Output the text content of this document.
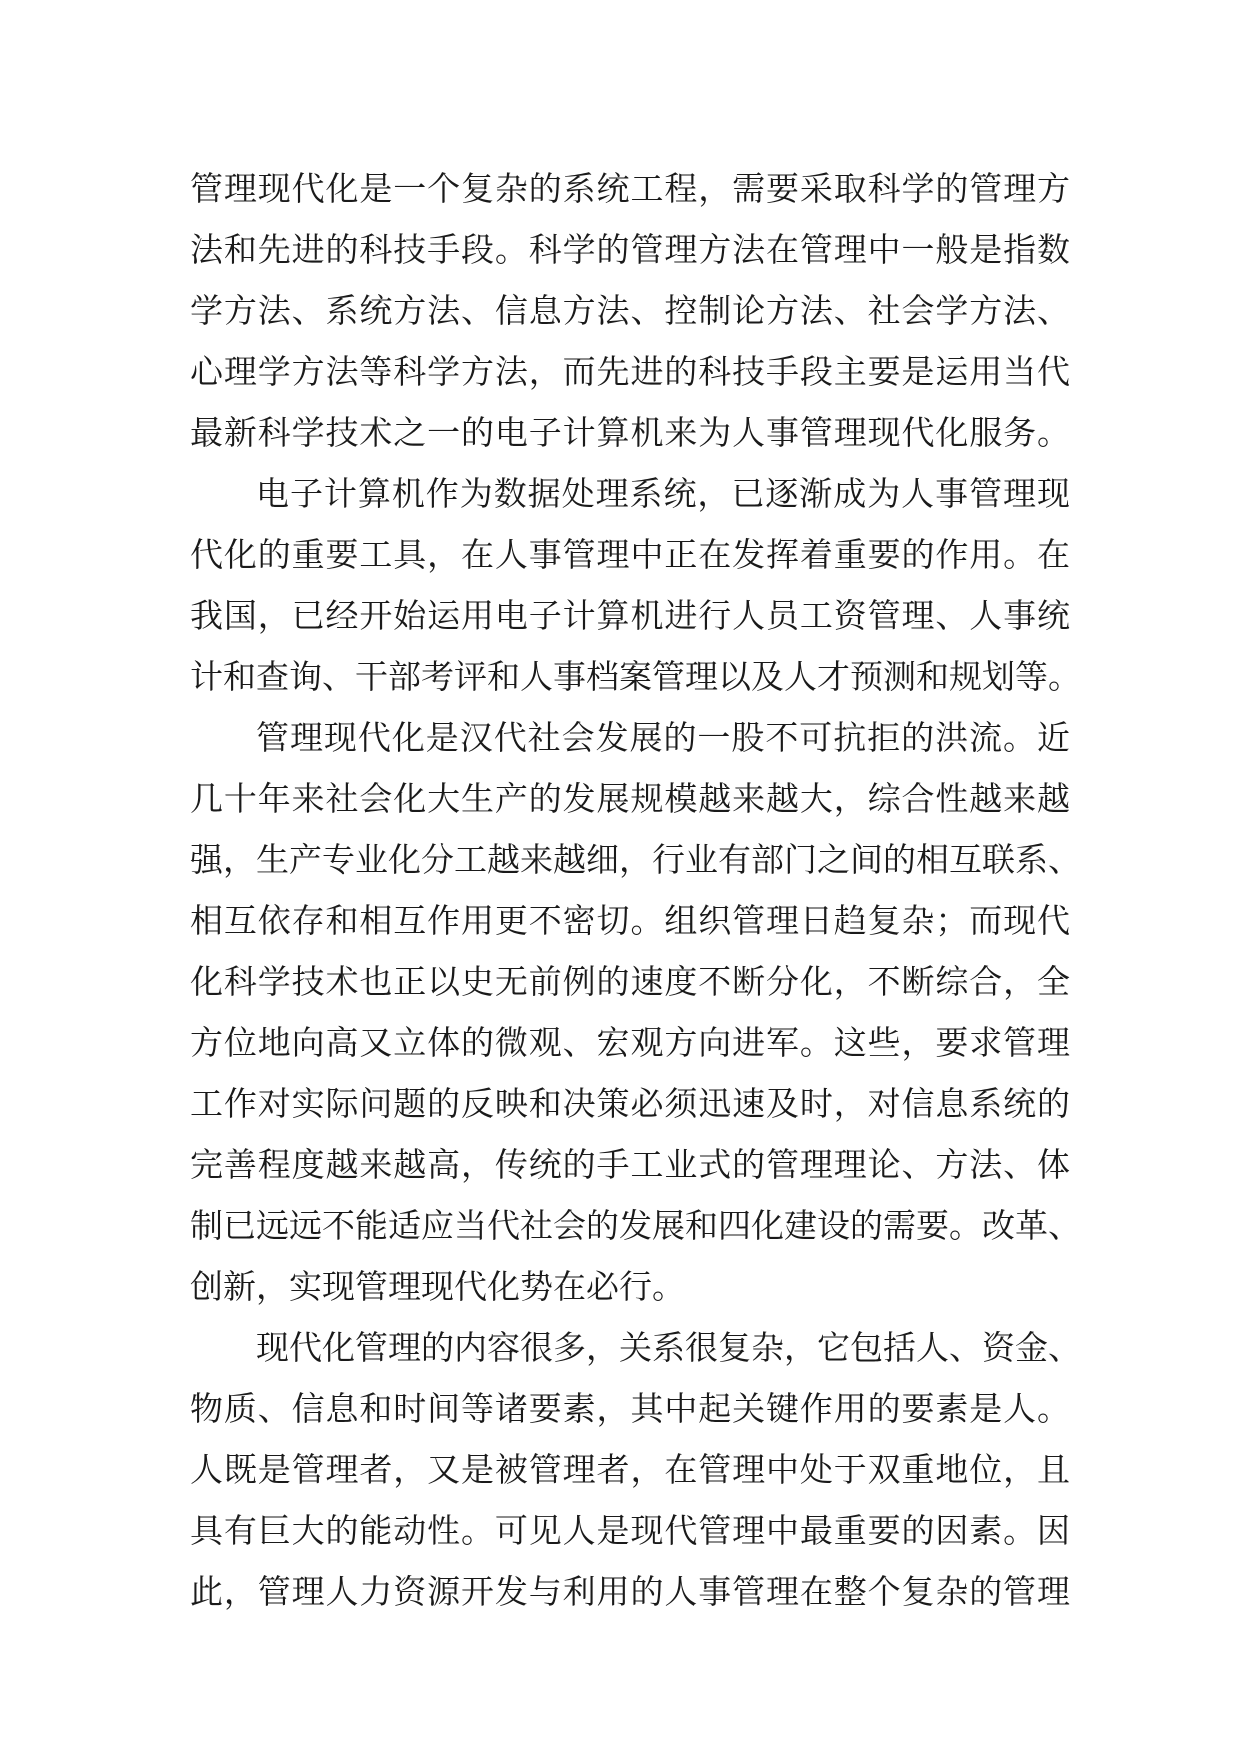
管理现代化是一个复杂的系统工程，需要采取科学的管理方
法和先进的科技手段。科学的管理方法在管理中一般是指数
学方法、系统方法、信息方法、控制论方法、社会学方法、
心理学方法等科学方法，而先进的科技手段主要是运用当代
最新科学技术之一的电子计算机来为人事管理现代化服务。
电子计算机作为数据处理系统，已逐渐成为人事管理现
代化的重要工具，在人事管理中正在发挥着重要的作用。在
我国，已经开始运用电子计算机进行人员工资管理、人事统
计和查询、干部考评和人事档案管理以及人才预测和规划等。
管理现代化是汉代社会发展的一股不可抗拒的洪流。近
几十年来社会化大生产的发展规模越来越大，综合性越来越
强，生产专业化分工越来越细，行业有部门之间的相互联系、
相互依存和相互作用更不密切。组织管理日趋复杂；而现代
化科学技术也正以史无前例的速度不断分化，不断综合，全
方位地向高又立体的微观、宏观方向进军。这些，要求管理
工作对实际问题的反映和决策必须迅速及时，对信息系统的
完善程度越来越高，传统的手工业式的管理理论、方法、体
制已远远不能适应当代社会的发展和四化建设的需要。改革、
创新，实现管理现代化势在必行。
现代化管理的内容很多，关系很复杂，它包括人、资金、
物质、信息和时间等诸要素，其中起关键作用的要素是人。
人既是管理者，又是被管理者，在管理中处于双重地位，且
具有巨大的能动性。可见人是现代管理中最重要的因素。因
此，管理人力资源开发与利用的人事管理在整个复杂的管理
